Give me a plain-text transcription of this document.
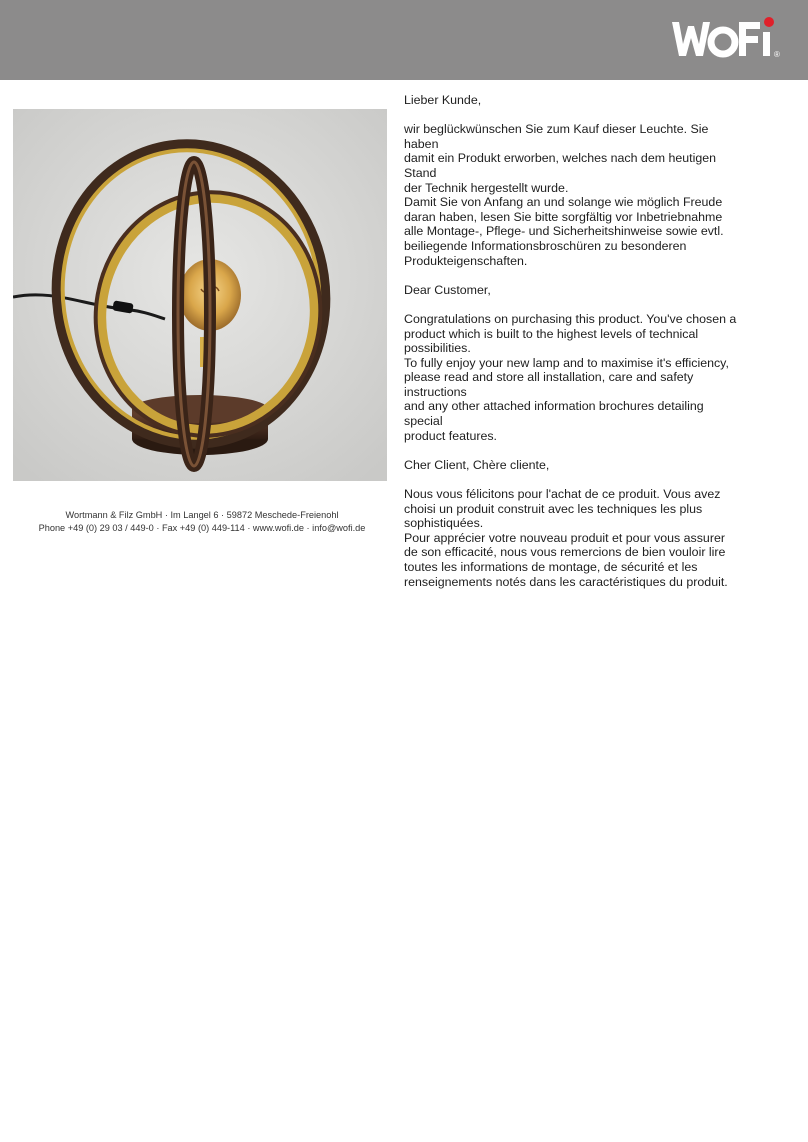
®
Wortmann & Filz GmbH · Im Langel 6 · 59872 Meschede-Freienohl
Phone +49 (0) 29 03 / 449-0 · Fax +49 (0) 449-114 · www.wofi.de · info@wofi.de

Lieber Kunde,

wir beglückwünschen Sie zum Kauf dieser Leuchte. Sie haben

damit ein Produkt erworben, welches nach dem heutigen Stand

der Technik hergestellt wurde.

Damit Sie von Anfang an und solange wie möglich Freude

daran haben, lesen Sie bitte sorgfältig vor Inbetriebnahme

alle Montage-, Pflege- und Sicherheitshinweise sowie evtl.

beiliegende Informationsbroschüren zu besonderen

Produkteigenschaften.

Dear Customer,

Congratulations on purchasing this product. You've chosen a

product which is built to the highest levels of technical

possibilities.

To fully enjoy your new lamp and to maximise it's efficiency,

please read and store all installation, care and safety instructions

and any other attached information brochures detailing special

product features.

Cher Client, Chère cliente,

Nous vous félicitons pour l'achat de ce produit. Vous avez

choisi un produit construit avec les techniques les plus

sophistiquées.

Pour apprécier votre nouveau produit et pour vous assurer

de son efficacité, nous vous remercions de bien vouloir lire

toutes les informations de montage, de sécurité et les

renseignements notés dans les caractéristiques du produit.
